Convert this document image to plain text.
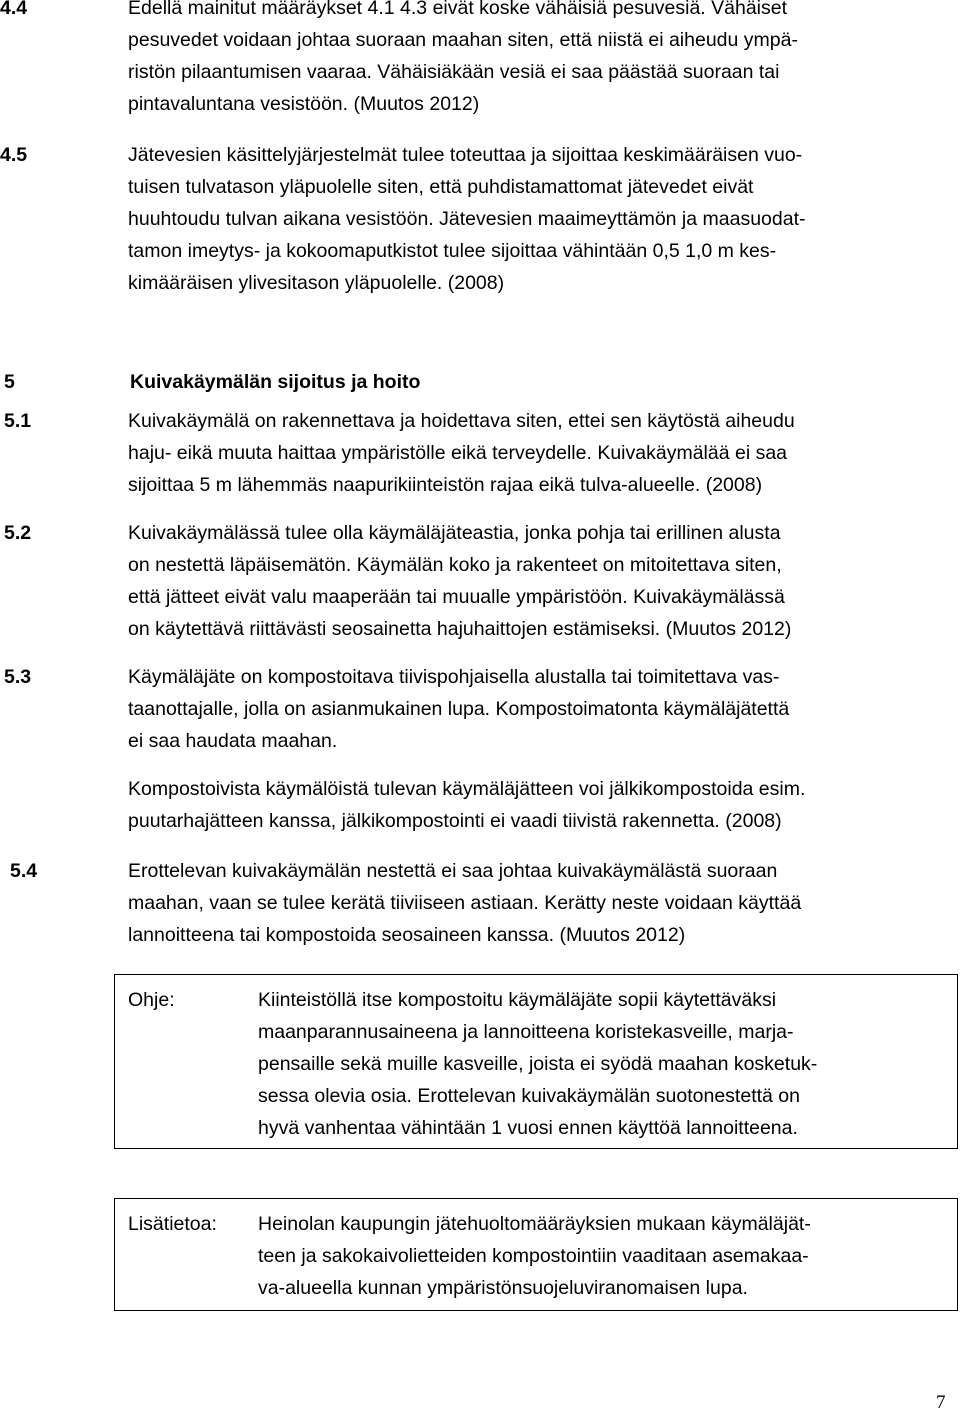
4.4	Edellä mainitut määräykset 4.1 4.3 eivät koske vähäisiä pesuvesiä. Vähäiset
pesuvedet voidaan johtaa suoraan maahan siten, että niistä ei aiheudu ympä-
ristön pilaantumisen vaaraa. Vähäisiäkään vesiä ei saa päästää suoraan tai
pintavaluntana vesistöön. (Muutos 2012)
4.5	Jätevesien käsittelyjärjestelmät tulee toteuttaa ja sijoittaa keskimääräisen vuo-
tuisen tulvatason yläpuolelle siten, että puhdistamattomat jätevedet eivät
huuhtoudu tulvan aikana vesistöön. Jätevesien maaimeyttämön ja maasuodat-
tamon imeytys- ja kokoomaputkistot tulee sijoittaa vähintään 0,5 1,0 m kes-
kimääräisen ylivesitason yläpuolelle. (2008)
5	Kuivakäymälän sijoitus ja hoito
5.1	Kuivakäymälä on rakennettava ja hoidettava siten, ettei sen käytöstä aiheudu
haju- eikä muuta haittaa ympäristölle eikä terveydelle. Kuivakäymälää ei saa
sijoittaa 5 m lähemmäs naapurikiinteistön rajaa eikä tulva-alueelle. (2008)
5.2	Kuivakäymälässä tulee olla käymäläjäteastia, jonka pohja tai erillinen alusta
on nestettä läpäisemätön. Käymälän koko ja rakenteet on mitoitettava siten,
että jätteet eivät valu maaperään tai muualle ympäristöön. Kuivakäymälässä
on käytettävä riittävästi seosainetta hajuhaittojen estämiseksi. (Muutos 2012)
5.3	Käymäläjäte on kompostoitava tiivispohjaisella alustalla tai toimitettava vas-
taanottajalle, jolla on asianmukainen lupa. Kompostoimatonta käymäläjätettä
ei saa haudata maahan.
Kompostoivista käymälöistä tulevan käymäläjätteen voi jälkikompostoida esim.
puutarhajätteen kanssa, jälkikompostointi ei vaadi tiivistä rakennetta. (2008)
5.4	Erottelevan kuivakäymälän nestettä ei saa johtaa kuivakäymälästä suoraan
maahan, vaan se tulee kerätä tiiviiseen astiaan. Kerätty neste voidaan käyttää
lannoitteena tai kompostoida seosaineen kanssa. (Muutos 2012)
Ohje:	Kiinteistöllä itse kompostoitu käymäläjäte sopii käytettäväksi
maanparannusaineena ja lannoitteena koristekasveille, marja-
pensaille sekä muille kasveille, joista ei syödä maahan kosketuk-
sessa olevia osia. Erottelevan kuivakäymälän suotonestettä on
hyvä vanhentaa vähintään 1 vuosi ennen käyttöä lannoitteena.
Lisätietoa: Heinolan kaupungin jätehuoltomääräyksien mukaan käymäläjät-
teen ja sakokaivolietteiden kompostointiin vaaditaan asemakaa-
va-alueella kunnan ympäristönsuojeluviranomaisen lupa.
7
